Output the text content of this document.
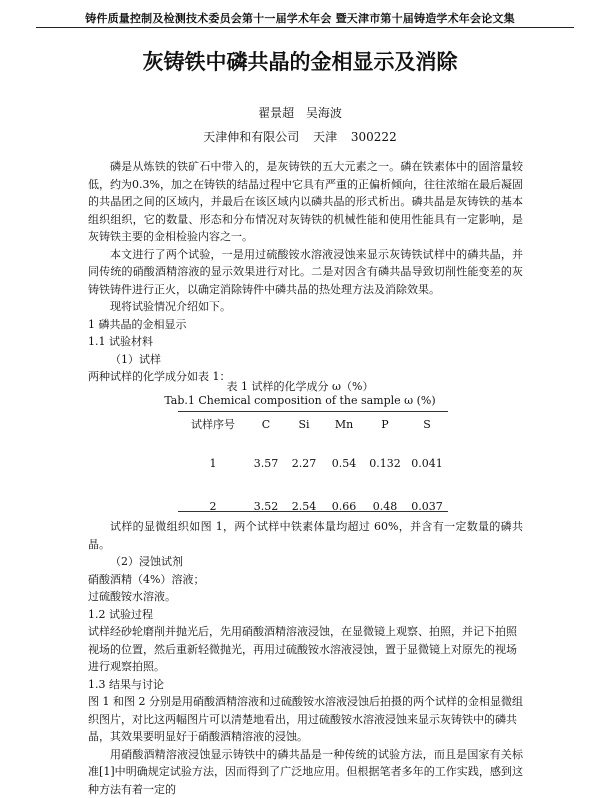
铸件质量控制及检测技术委员会第十一届学术年会 暨天津市第十届铸造学术年会论文集
灰铸铁中磷共晶的金相显示及消除
翟景超 吴海波
天津伸和有限公司 天津 300222

磷是从炼铁的铁矿石中带入的，是灰铸铁的五大元素之一。磷在铁素体中的固溶量较低，约为0.3%，加之在铸铁的结晶过程中它具有严重的正偏析倾向，往往浓缩在最后凝固的共晶团之间的区域内，并最后在该区域内以磷共晶的形式析出。磷共晶是灰铸铁的基本组织组织，它的数量、形态和分布情况对灰铸铁的机械性能和使用性能具有一定影响，是灰铸铁主要的金相检验内容之一。

本文进行了两个试验，一是用过硫酸铵水溶液浸蚀来显示灰铸铁试样中的磷共晶，并同传统的硝酸酒精溶液的显示效果进行对比。二是对因含有磷共晶导致切削性能变差的灰铸铁铸件进行正火，以确定消除铸件中磷共晶的热处理方法及消除效果。

现将试验情况介绍如下。

1 磷共晶的金相显示

1.1 试验材料

（1）试样

两种试样的化学成分如表 1：

表 1 试样的化学成分 ω（%）
Tab.1 Chemical composition of the sample ω (%)
试样序号	C	Si	Mn	P	S
1	3.57	2.27	0.54	0.132 0.041
2	3.52	2.54	0.66	0.48	0.037

试样的显微组织如图 1，两个试样中铁素体量均超过 60%，并含有一定数量的磷共晶。

（2）浸蚀试剂

硝酸酒精（4%）溶液；

过硫酸铵水溶液。

1.2 试验过程

试样经砂轮磨削并抛光后，先用硝酸酒精溶液浸蚀，在显微镜上观察、拍照，并记下拍照视场的位置，然后重新轻微抛光，再用过硫酸铵水溶液浸蚀，置于显微镜上对原先的视场进行观察拍照。

1.3 结果与讨论

图 1 和图 2 分别是用硝酸酒精溶液和过硫酸铵水溶液浸蚀后拍摄的两个试样的金相显微组织图片，对比这两幅图片可以清楚地看出，用过硫酸铵水溶液浸蚀来显示灰铸铁中的磷共晶，其效果要明显好于硝酸酒精溶液的浸蚀。

用硝酸酒精溶液浸蚀显示铸铁中的磷共晶是一种传统的试验方法，而且是国家有关标准[1]中明确规定试验方法，因而得到了广泛地应用。但根据笔者多年的工作实践，感到这种方法有着一定的
